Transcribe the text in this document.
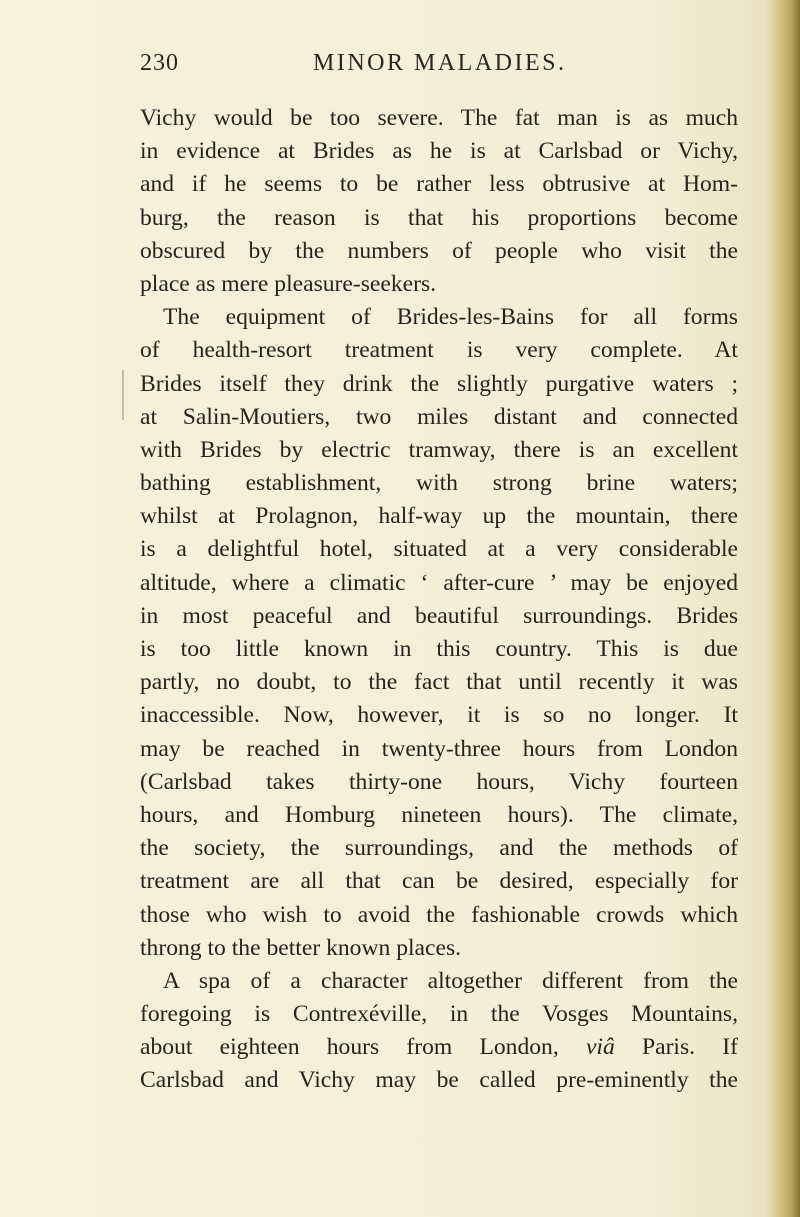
230	MINOR MALADIES.
Vichy would be too severe. The fat man is as much
in evidence at Brides as he is at Carlsbad or Vichy,
and if he seems to be rather less obtrusive at Hom-
burg, the reason is that his proportions become
obscured by the numbers of people who visit the
place as mere pleasure-seekers.
The equipment of Brides-les-Bains for all forms
of health-resort treatment is very complete. At
Brides itself they drink the slightly purgative waters ;
at Salin-Moutiers, two miles distant and connected
with Brides by electric tramway, there is an excellent
bathing establishment, with strong brine waters;
whilst at Prolagnon, half-way up the mountain, there
is a delightful hotel, situated at a very considerable
altitude, where a climatic ‘ after-cure ’ may be enjoyed
in most peaceful and beautiful surroundings. Brides
is too little known in this country. This is due
partly, no doubt, to the fact that until recently it was
inaccessible. Now, however, it is so no longer. It
may be reached in twenty-three hours from London
(Carlsbad takes thirty-one hours, Vichy fourteen
hours, and Homburg nineteen hours). The climate,
the society, the surroundings, and the methods of
treatment are all that can be desired, especially for
those who wish to avoid the fashionable crowds which
throng to the better known places.
A spa of a character altogether different from the
foregoing is Contrexéville, in the Vosges Mountains,
about eighteen hours from London, viâ Paris. If
Carlsbad and Vichy may be called pre-eminently the
